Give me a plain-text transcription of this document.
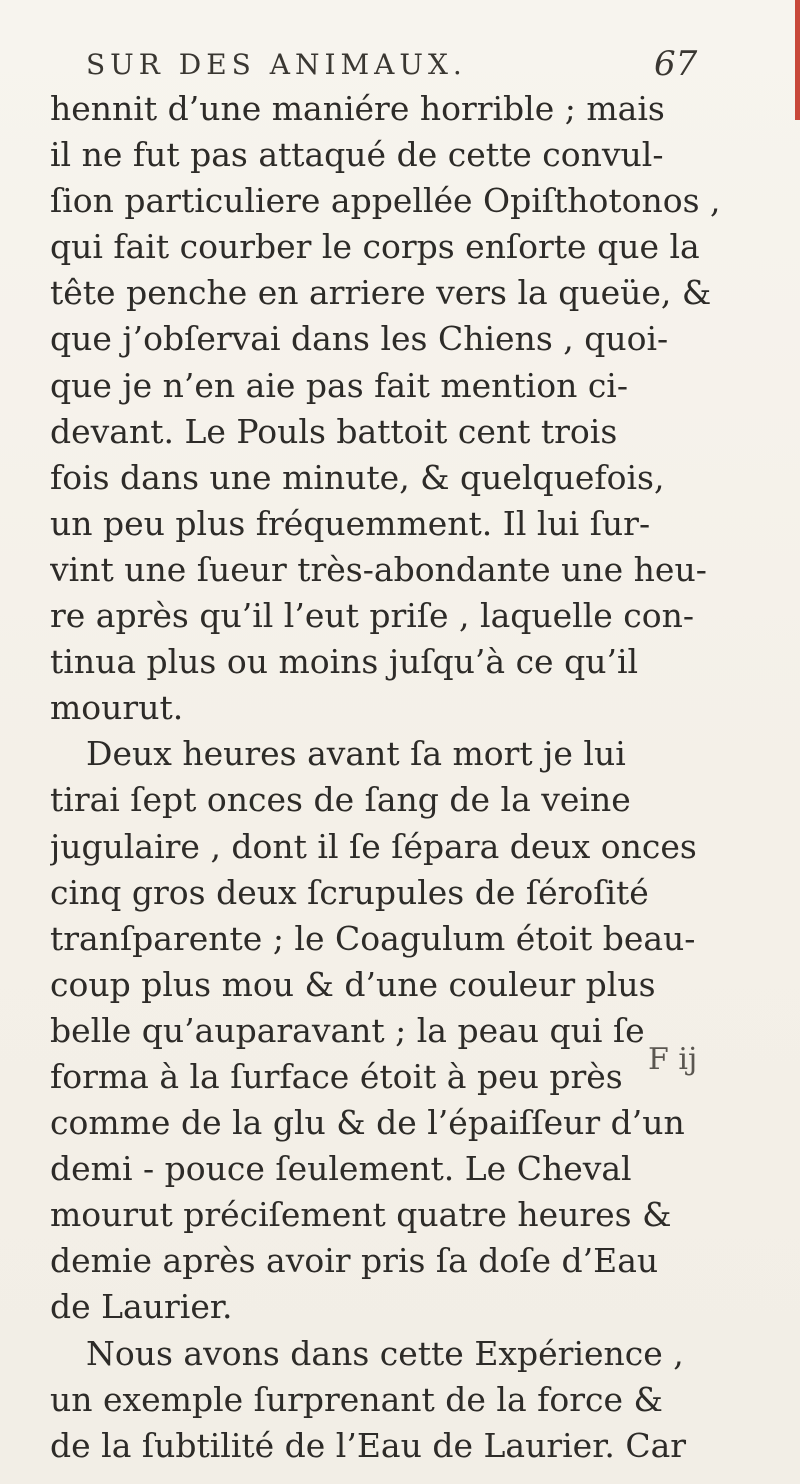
SUR DES ANIMAUX.	67
hennit d’une maniére horrible ; mais
il ne fut pas attaqué de cette convul-
ſion particuliere appellée Opiſthotonos ,
qui fait courber le corps enſorte que la
tête penche en arriere vers la queüe, &
que j’obſervai dans les Chiens , quoi-
que je n’en aie pas fait mention ci-
devant. Le Pouls battoit cent trois
fois dans une minute, & quelquefois,
un peu plus fréquemment. Il lui ſur-
vint une ſueur très-abondante une heu-
re après qu’il l’eut priſe , laquelle con-
tinua plus ou moins juſqu’à ce qu’il
mourut.
Deux heures avant ſa mort je lui
tirai ſept onces de ſang de la veine
jugulaire , dont il ſe ſépara deux onces
cinq gros deux ſcrupules de ſéroſité
tranſparente ; le Coagulum étoit beau-
coup plus mou & d’une couleur plus
belle qu’auparavant ; la peau qui ſe
forma à la ſurface étoit à peu près
comme de la glu & de l’épaiſſeur d’un
demi - pouce ſeulement. Le Cheval
mourut préciſement quatre heures &
demie après avoir pris ſa doſe d’Eau
de Laurier.
Nous avons dans cette Expérience ,
un exemple ſurprenant de la force &
de la ſubtilité de l’Eau de Laurier. Car
F ij
